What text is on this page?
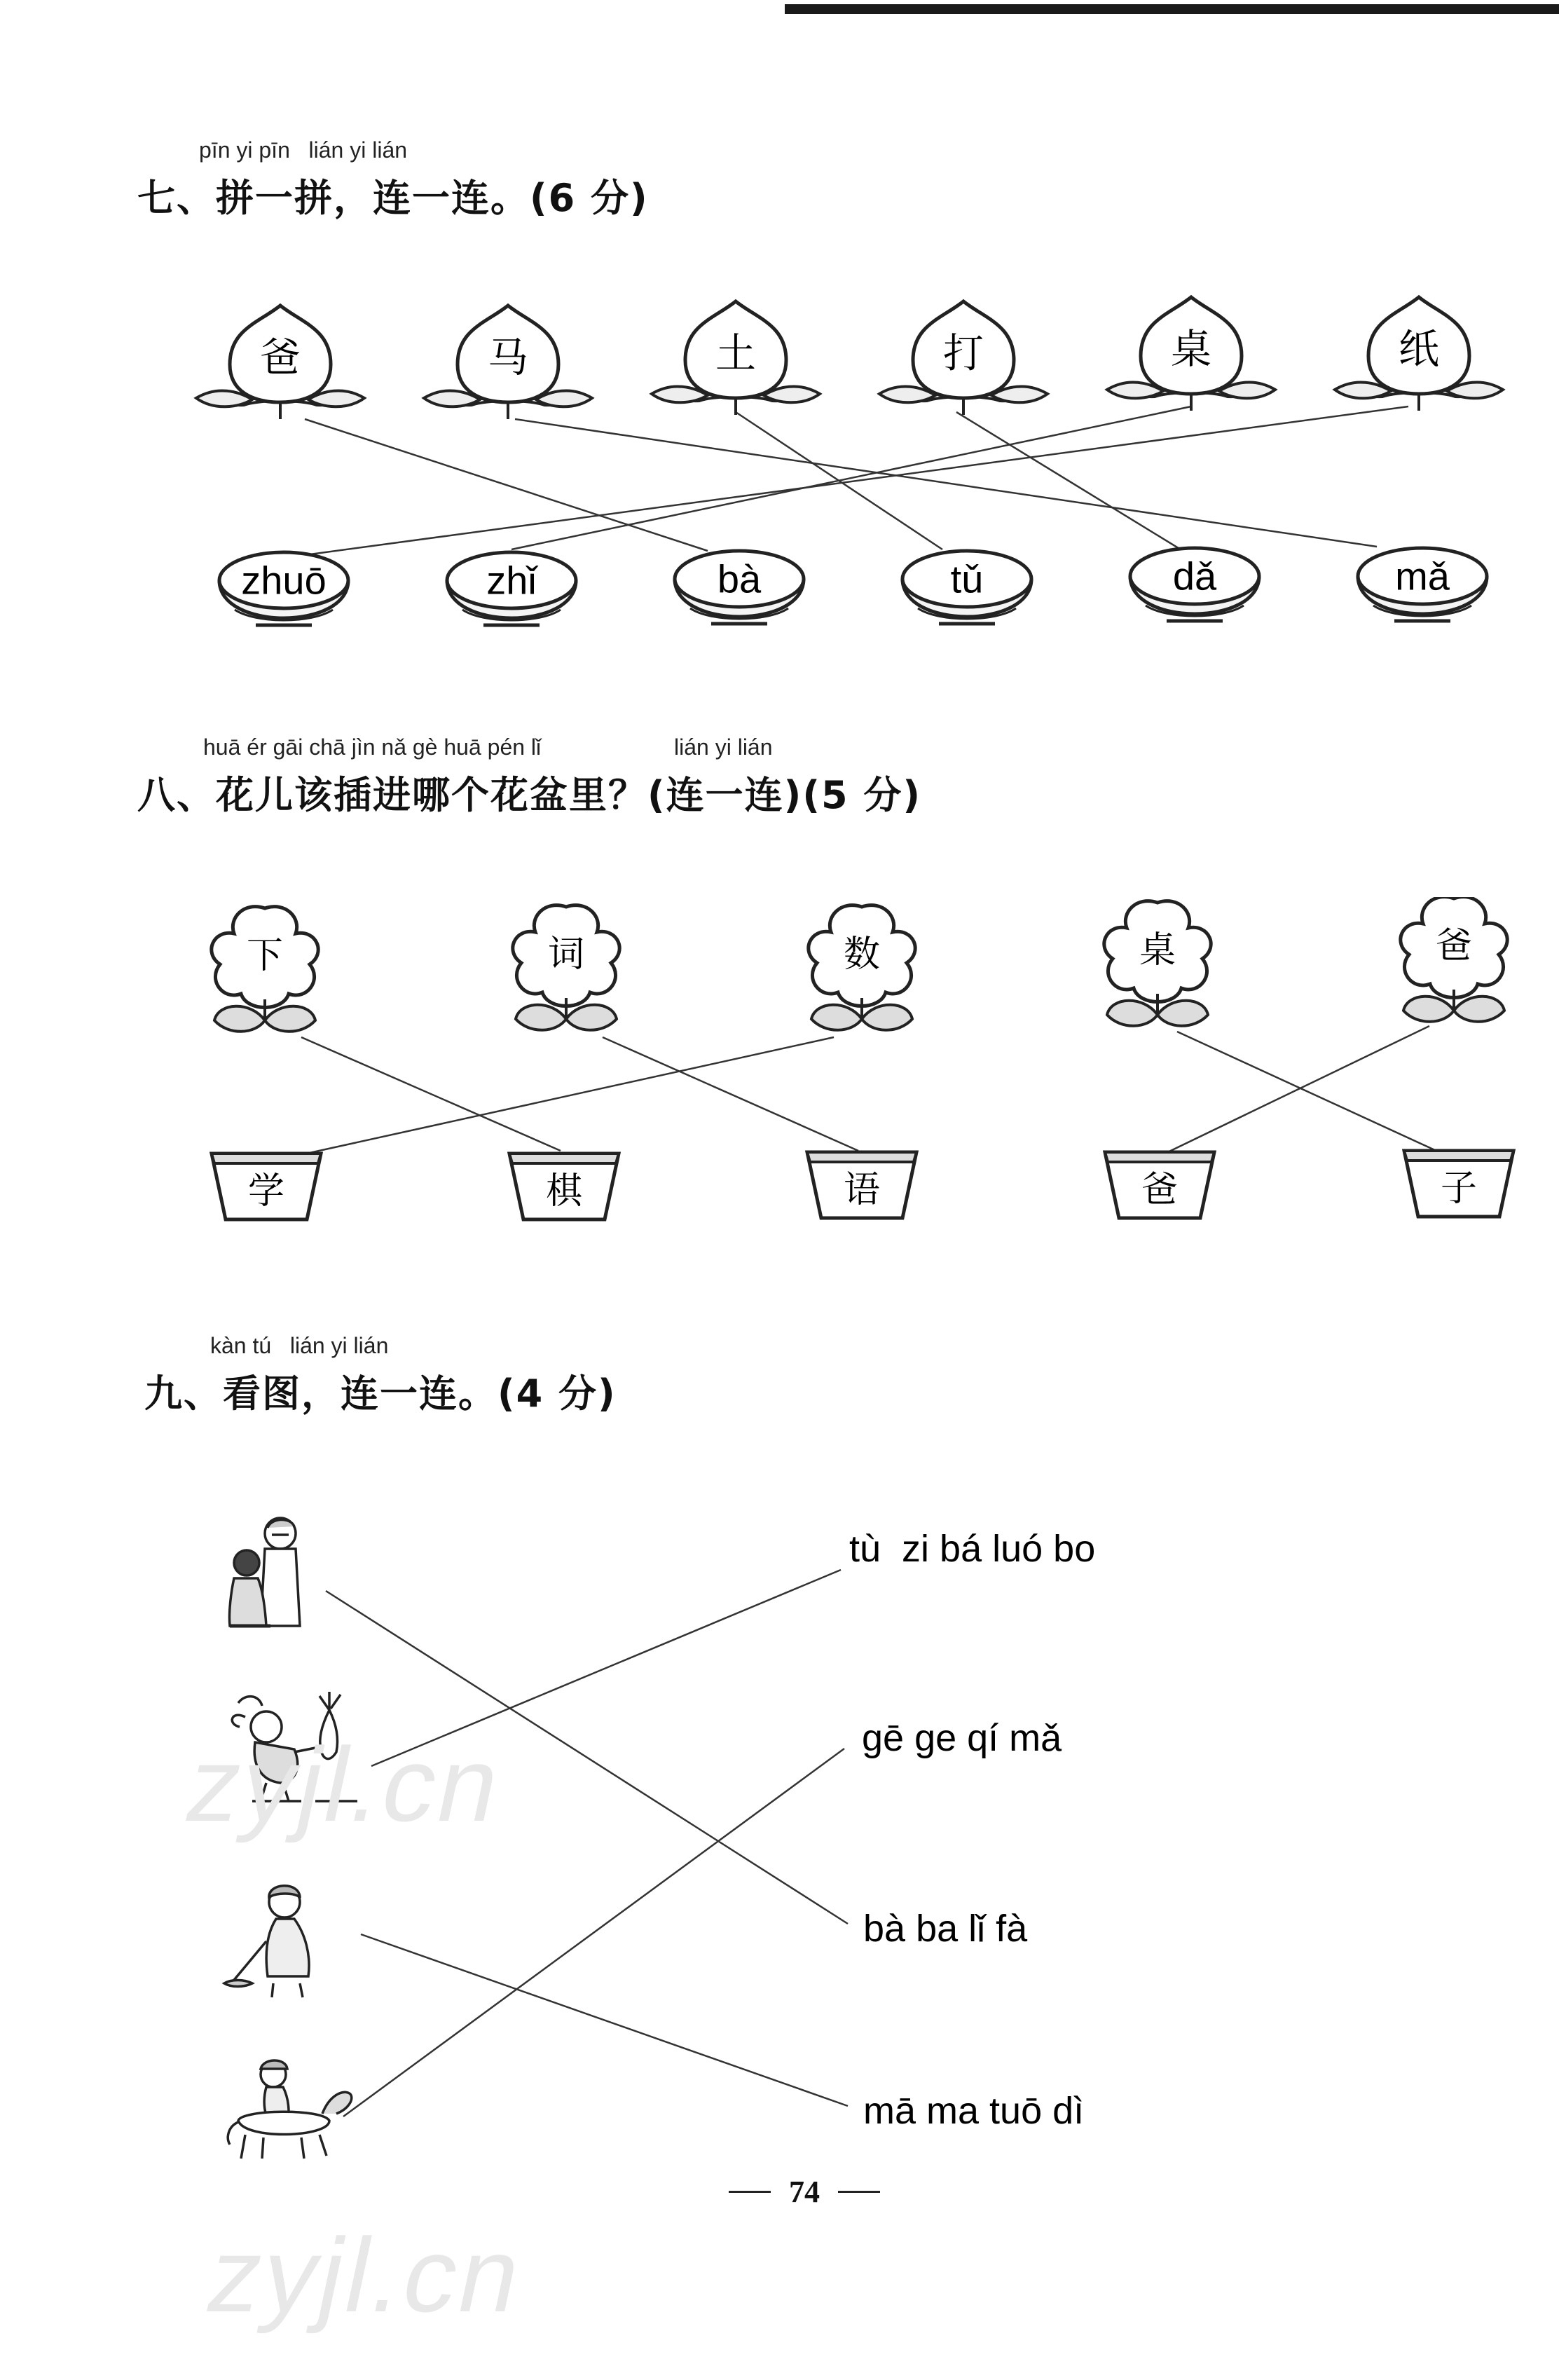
pīn yi pīn   lián yi lián
七、拼一拼，连一连。(6 分)
爸	马	土	打	桌	纸
zhuō	zhǐ	bà	tǔ	dǎ	mǎ
huā ér gāi chā jìn nǎ gè huā pén lǐ	lián yi lián
八、花儿该插进哪个花盆里？(连一连)(5 分)
下	词	数	桌	爸
学	棋	语	爸	子
kàn tú   lián yi lián
九、看图，连一连。(4 分)
tù  zi bá luó bo
gē ge qí mǎ
bà ba lǐ fà
mā ma tuō dì
zyjl.cn
zyjl.cn
74
